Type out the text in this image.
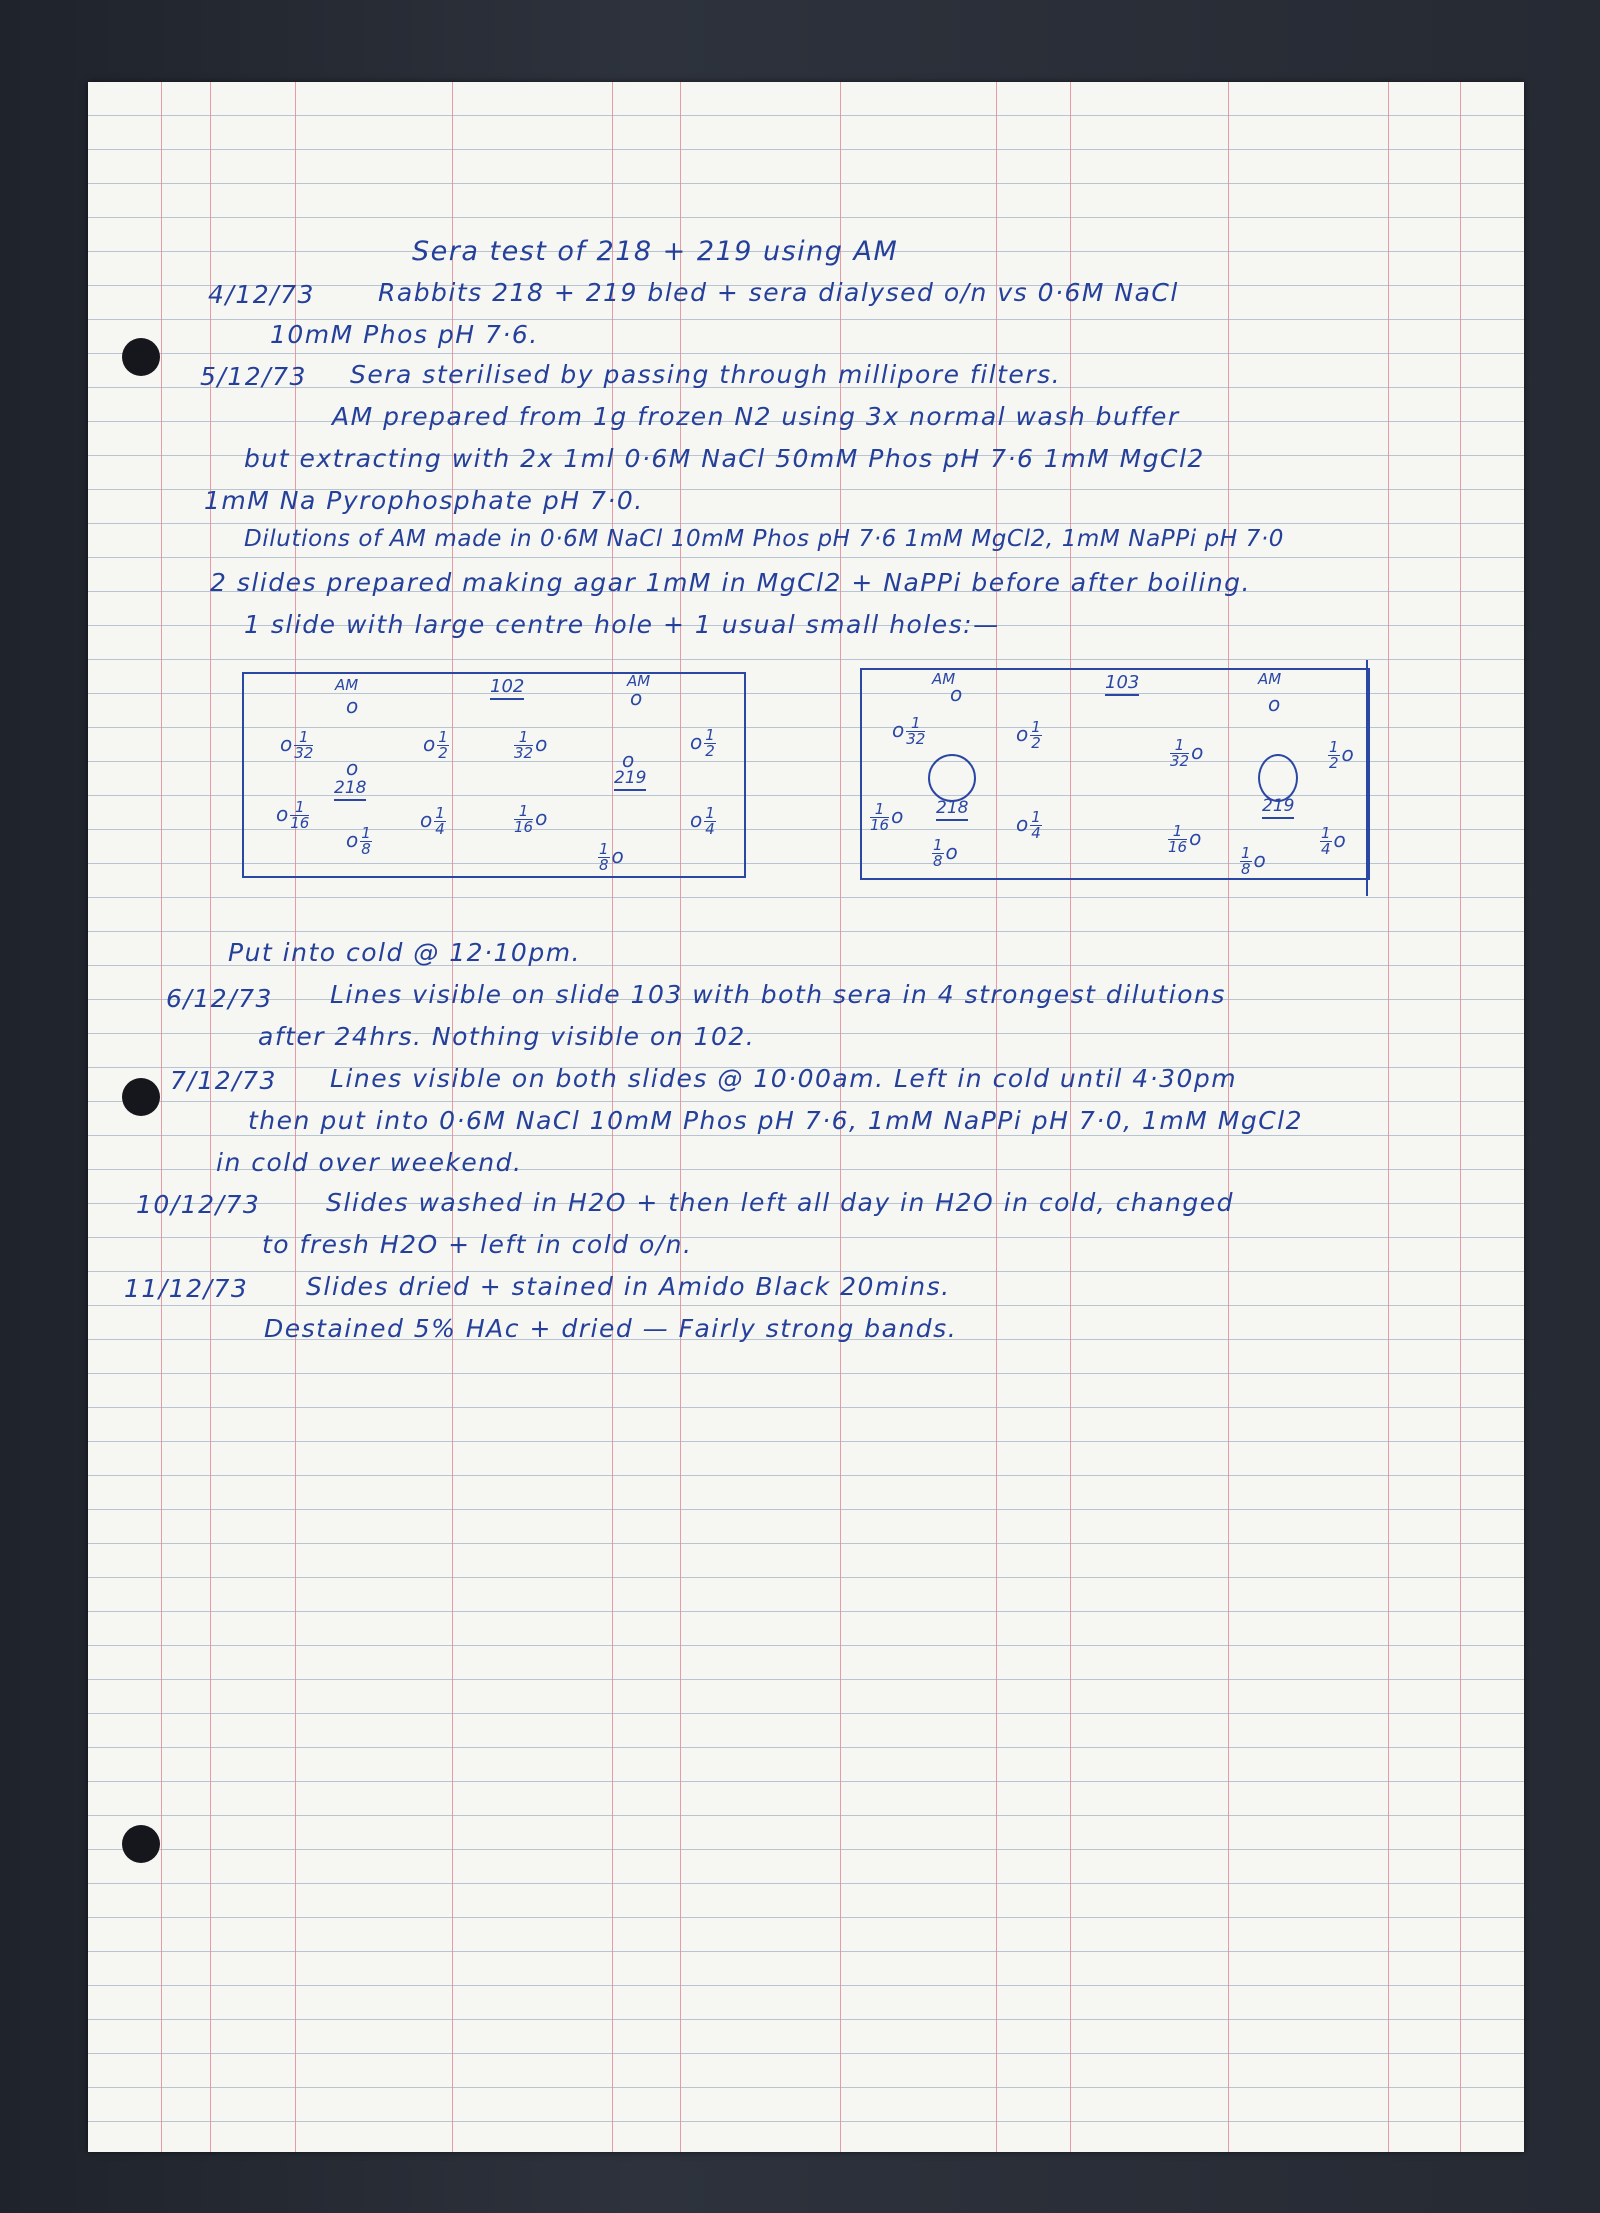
Sera test of 218 + 219 using AM
4/12/73	Rabbits 218 + 219 bled + sera dialysed o/n vs 0·6M NaCl
10mM Phos pH 7·6.
5/12/73 Sera sterilised by passing through millipore filters.
AM prepared from 1g frozen N2 using 3x normal wash buffer
but extracting with 2x 1ml 0·6M NaCl 50mM Phos pH 7·6 1mM MgCl2
1mM Na Pyrophosphate pH 7·0.
Dilutions of AM made in 0·6M NaCl 10mM Phos pH 7·6 1mM MgCl2, 1mM NaPPi pH 7·0
2 slides prepared making agar 1mM in MgCl2 + NaPPi before after boiling.
1 slide with large centre hole + 1 usual small holes:—
AM
o
102	AM
o
o $\frac{1}{32}$
o
218
o $\frac{1}{2}$	$\frac{1}{32}$ o
o
219
o $\frac{1}{2}$
o $\frac{1}{16}$
o $\frac{1}{8}$
o $\frac{1}{4}$	$\frac{1}{16}$ o
$\frac{1}{8}$ o
o $\frac{1}{4}$
AM
o	103	AM
o
o $\frac{1}{32}$	o $\frac{1}{2}$
218
$\frac{1}{32}$ o
219
$\frac{1}{2}$ o
$\frac{1}{16}$ o
$\frac{1}{8}$ o
o $\frac{1}{4}$	$\frac{1}{16}$ o
$\frac{1}{8}$ o
$\frac{1}{4}$ o
Put into cold @ 12·10pm.
6/12/73 Lines visible on slide 103 with both sera in 4 strongest dilutions
after 24hrs. Nothing visible on 102.
7/12/73 Lines visible on both slides @ 10·00am. Left in cold until 4·30pm
then put into 0·6M NaCl 10mM Phos pH 7·6, 1mM NaPPi pH 7·0, 1mM MgCl2
in cold over weekend.
10/12/73	Slides washed in H2O + then left all day in H2O in cold, changed
to fresh H2O + left in cold o/n.
11/12/73 Slides dried + stained in Amido Black 20mins.
Destained 5% HAc + dried — Fairly strong bands.
